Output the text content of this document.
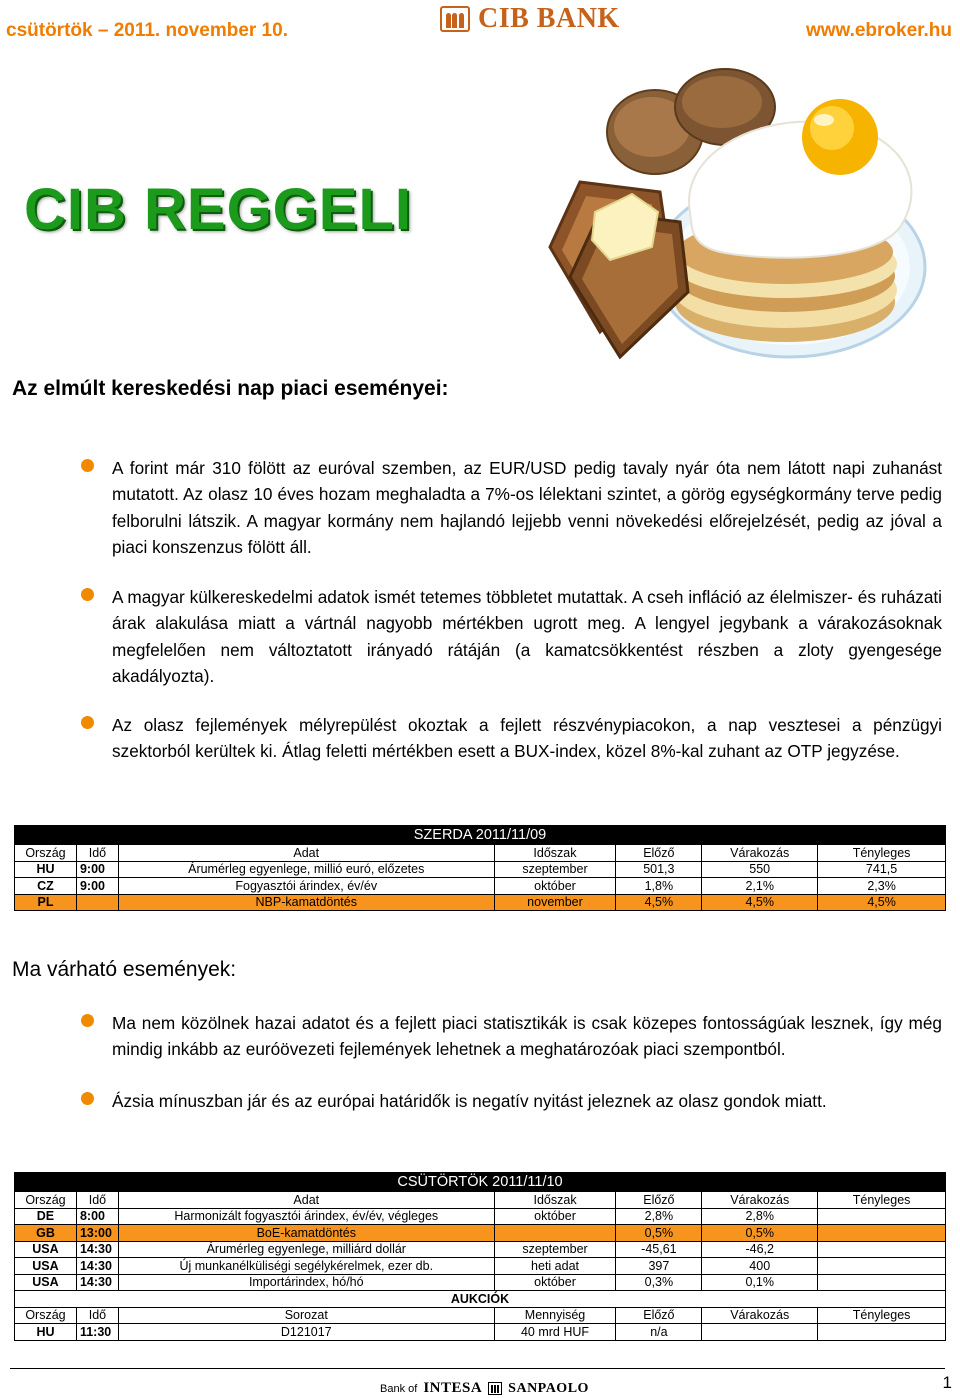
csütörtök – 2011. november 10.	CIB BANK	www.ebroker.hu
CIB REGGELI
Az elmúlt kereskedési nap piaci eseményei:
A forint már 310 fölött az euróval szemben, az EUR/USD pedig tavaly nyár óta nem látott napi zuhanást mutatott. Az olasz 10 éves hozam meghaladta a 7%-os lélektani szintet, a görög egységkormány terve pedig felborulni látszik. A magyar kormány nem hajlandó lejjebb venni növekedési előrejelzését, pedig az jóval a piaci konszenzus fölött áll.
A magyar külkereskedelmi adatok ismét tetemes többletet mutattak. A cseh infláció az élelmiszer- és ruházati árak alakulása miatt a vártnál nagyobb mértékben ugrott meg. A lengyel jegybank a várakozásoknak megfelelően nem változtatott irányadó rátáján (a kamatcsökkentést részben a zloty gyengesége akadályozta).
Az olasz fejlemények mélyrepülést okoztak a fejlett részvénypiacokon, a nap vesztesei a pénzügyi szektorból kerültek ki. Átlag feletti mértékben esett a BUX-index, közel 8%-kal zuhant az OTP jegyzése.
SZERDA 2011/11/09						
Ország	Idő	Adat	Időszak	Előző	Várakozás	Tényleges
HU	9:00	Árumérleg egyenlege, millió euró, előzetes	szeptember	501,3	550	741,5
CZ	9:00	Fogyasztói árindex, év/év	október	1,8%	2,1%	2,3%
PL		NBP-kamatdöntés	november	4,5%	4,5%	4,5%
Ma várható események:
Ma nem közölnek hazai adatot és a fejlett piaci statisztikák is csak közepes fontosságúak lesznek, így még mindig inkább az euróövezeti fejlemények lehetnek a meghatározóak piaci szempontból.
Ázsia mínuszban jár és az európai határidők is negatív nyitást jeleznek az olasz gondok miatt.
CSÜTÖRTÖK 2011/11/10						
Ország	Idő	Adat	Időszak	Előző	Várakozás	Tényleges
DE	8:00	Harmonizált fogyasztói árindex, év/év, végleges	október	2,8%	2,8%	
GB	13:00	BoE-kamatdöntés		0,5%	0,5%	
USA	14:30	Árumérleg egyenlege, milliárd dollár	szeptember	-45,61	-46,2	
USA	14:30	Új munkanélküliségi segélykérelmek, ezer db.	heti adat	397	400	
USA	14:30	Importárindex, hó/hó	október	0,3%	0,1%	
AUKCIÓK						
Ország	Idő	Sorozat	Mennyiség	Előző	Várakozás	Tényleges
HU	11:30	D121017	40 mrd HUF	n/a		
Bank of INTESA SANPAOLO	1
